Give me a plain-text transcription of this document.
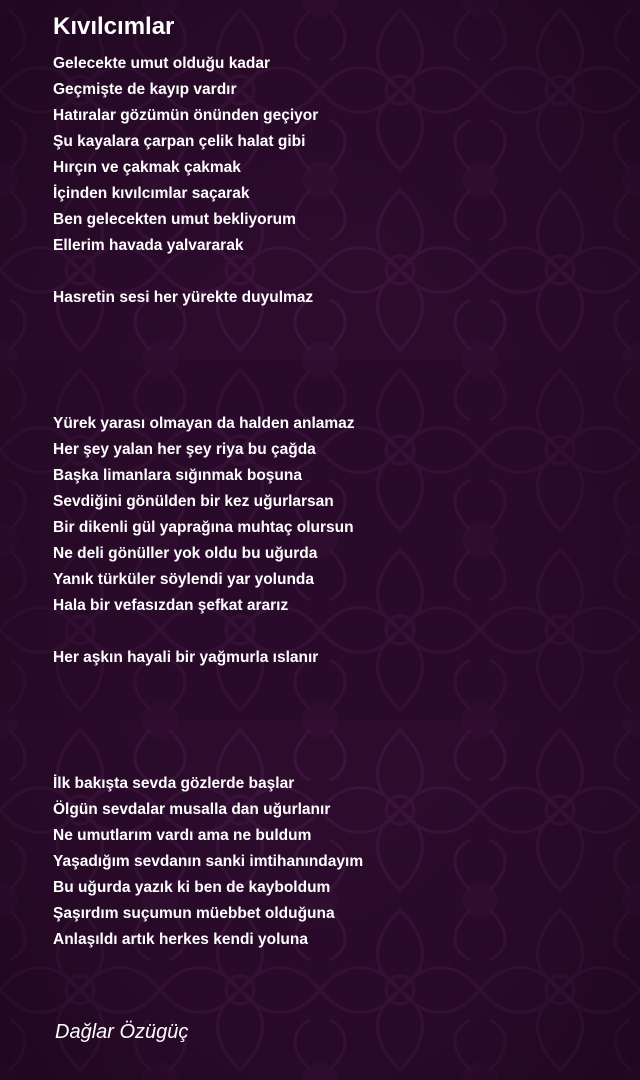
Kıvılcımlar
Gelecekte umut olduğu kadar
Geçmişte de kayıp vardır
Hatıralar gözümün önünden geçiyor
Şu kayalara çarpan çelik halat gibi
Hırçın ve çakmak çakmak
İçinden kıvılcımlar saçarak
Ben gelecekten umut bekliyorum
Ellerim havada yalvararak
Hasretin sesi her yürekte duyulmaz
Yürek yarası olmayan da halden anlamaz
Her şey yalan her şey riya bu çağda
Başka limanlara sığınmak boşuna
Sevdiğini gönülden bir kez uğurlarsan
Bir dikenli gül yaprağına muhtaç olursun
Ne deli gönüller yok oldu bu uğurda
Yanık türküler söylendi yar yolunda
Hala bir vefasızdan şefkat ararız
Her aşkın hayali bir yağmurla ıslanır
İlk bakışta sevda gözlerde başlar
Ölgün sevdalar musalla dan uğurlanır
Ne umutlarım vardı ama ne buldum
Yaşadığım sevdanın sanki imtihanındayım
Bu uğurda yazık ki ben de kayboldum
Şaşırdım suçumun müebbet olduğuna
Anlaşıldı artık herkes kendi yoluna
Dağlar Özügüç
